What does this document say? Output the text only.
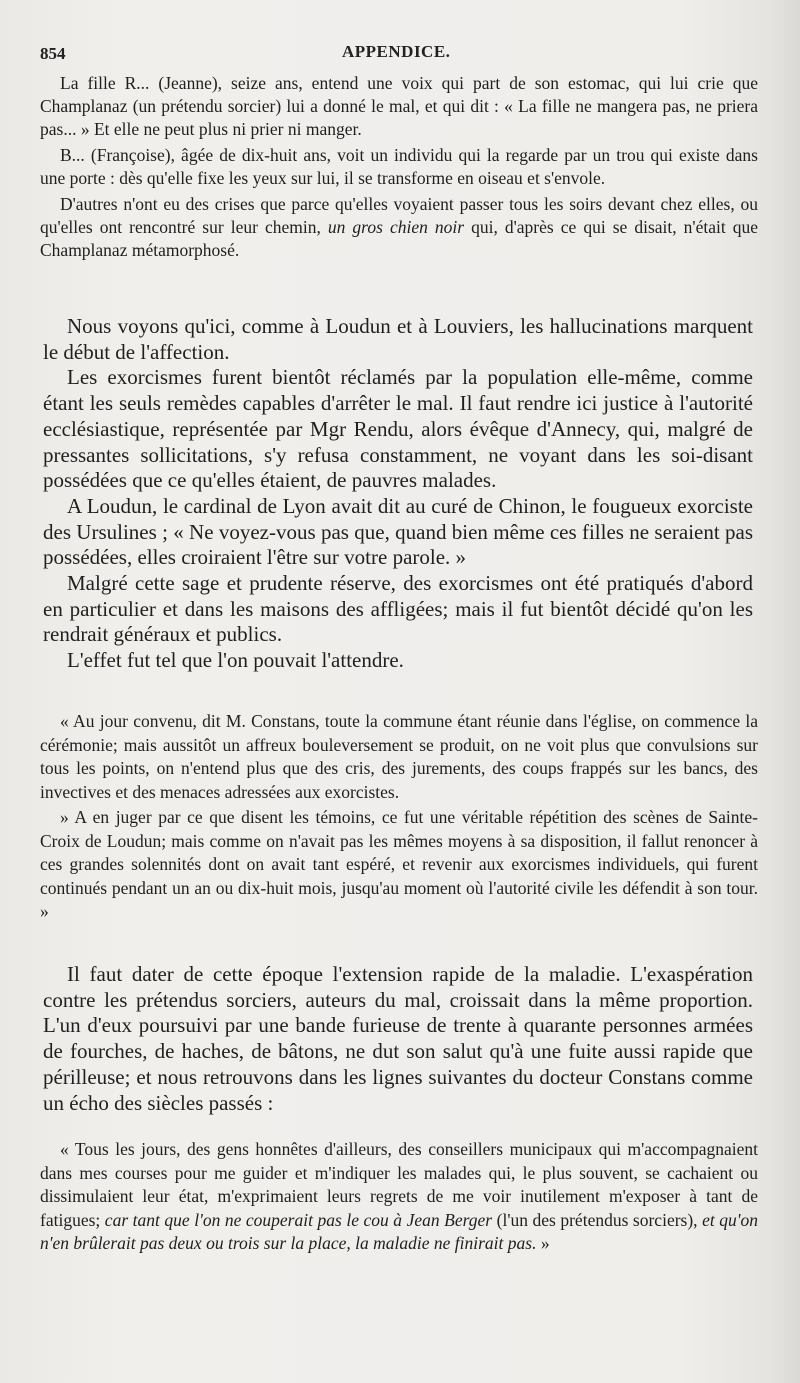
854	APPENDICE.

La fille R... (Jeanne), seize ans, entend une voix qui part de son estomac, qui lui crie que Champlanaz (un prétendu sorcier) lui a donné le mal, et qui dit : « La fille ne mangera pas, ne priera pas... » Et elle ne peut plus ni prier ni manger.

B... (Françoise), âgée de dix-huit ans, voit un individu qui la regarde par un trou qui existe dans une porte : dès qu'elle fixe les yeux sur lui, il se transforme en oiseau et s'envole.

D'autres n'ont eu des crises que parce qu'elles voyaient passer tous les soirs devant chez elles, ou qu'elles ont rencontré sur leur chemin, un gros chien noir qui, d'après ce qui se disait, n'était que Champlanaz métamorphosé.

Nous voyons qu'ici, comme à Loudun et à Louviers, les hallucinations marquent le début de l'affection.

Les exorcismes furent bientôt réclamés par la population elle-même, comme étant les seuls remèdes capables d'arrêter le mal. Il faut rendre ici justice à l'autorité ecclésiastique, représentée par Mgr Rendu, alors évêque d'Annecy, qui, malgré de pressantes sollicitations, s'y refusa constamment, ne voyant dans les soi-disant possédées que ce qu'elles étaient, de pauvres malades.

A Loudun, le cardinal de Lyon avait dit au curé de Chinon, le fougueux exorciste des Ursulines ; « Ne voyez-vous pas que, quand bien même ces filles ne seraient pas possédées, elles croiraient l'être sur votre parole. »

Malgré cette sage et prudente réserve, des exorcismes ont été pratiqués d'abord en particulier et dans les maisons des affligées; mais il fut bientôt décidé qu'on les rendrait généraux et publics.

L'effet fut tel que l'on pouvait l'attendre.

« Au jour convenu, dit M. Constans, toute la commune étant réunie dans l'église, on commence la cérémonie; mais aussitôt un affreux bouleversement se produit, on ne voit plus que convulsions sur tous les points, on n'entend plus que des cris, des jurements, des coups frappés sur les bancs, des invectives et des menaces adressées aux exorcistes.

» A en juger par ce que disent les témoins, ce fut une véritable répétition des scènes de Sainte-Croix de Loudun; mais comme on n'avait pas les mêmes moyens à sa disposition, il fallut renoncer à ces grandes solennités dont on avait tant espéré, et revenir aux exorcismes individuels, qui furent continués pendant un an ou dix-huit mois, jusqu'au moment où l'autorité civile les défendit à son tour. »

Il faut dater de cette époque l'extension rapide de la maladie. L'exaspération contre les prétendus sorciers, auteurs du mal, croissait dans la même proportion. L'un d'eux poursuivi par une bande furieuse de trente à quarante personnes armées de fourches, de haches, de bâtons, ne dut son salut qu'à une fuite aussi rapide que périlleuse; et nous retrouvons dans les lignes suivantes du docteur Constans comme un écho des siècles passés :

« Tous les jours, des gens honnêtes d'ailleurs, des conseillers municipaux qui m'accompagnaient dans mes courses pour me guider et m'indiquer les malades qui, le plus souvent, se cachaient ou dissimulaient leur état, m'exprimaient leurs regrets de me voir inutilement m'exposer à tant de fatigues; car tant que l'on ne couperait pas le cou à Jean Berger (l'un des prétendus sorciers), et qu'on n'en brûlerait pas deux ou trois sur la place, la maladie ne finirait pas. »
